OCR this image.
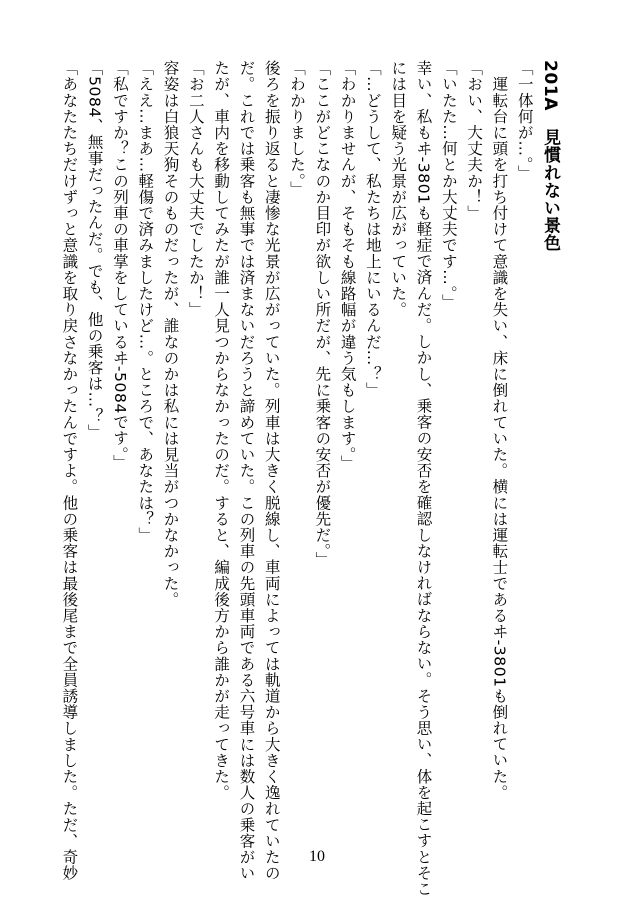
201A　見慣れない景色
「一体何が…。」
　運転台に頭を打ち付けて意識を失い、床に倒れていた。横には運転士であるヰ-3801も倒れていた。
「おい、大丈夫か！」
「いたた…何とか大丈夫です…。」
幸い、私もヰ-3801も軽症で済んだ。しかし、乗客の安否を確認しなければならない。そう思い、体を起こすとそこ
には目を疑う光景が広がっていた。
「…どうして、私たちは地上にいるんだ…？」
「わかりませんが、そもそも線路幅が違う気もします。」
「ここがどこなのか目印が欲しい所だが、先に乗客の安否が優先だ。」
「わかりました。」
後ろを振り返ると凄惨な光景が広がっていた。列車は大きく脱線し、車両によっては軌道から大きく逸れていたの
だ。これでは乗客も無事では済まないだろうと諦めていた。この列車の先頭車両である六号車には数人の乗客がい
たが、車内を移動してみたが誰一人見つからなかったのだ。すると、編成後方から誰かが走ってきた。
「お二人さんも大丈夫でしたか！」
容姿は白狼天狗そのものだったが、誰なのかは私には見当がつかなかった。
「ええ…まあ…軽傷で済みましたけど…。ところで、あなたは？」
「私ですか？この列車の車掌をしているヰ-5084です。」
「5084、無事だったんだ。でも、他の乗客は…？」
「あなたたちだけずっと意識を取り戻さなかったんですよ。他の乗客は最後尾まで全員誘導しました。ただ、奇妙	10
